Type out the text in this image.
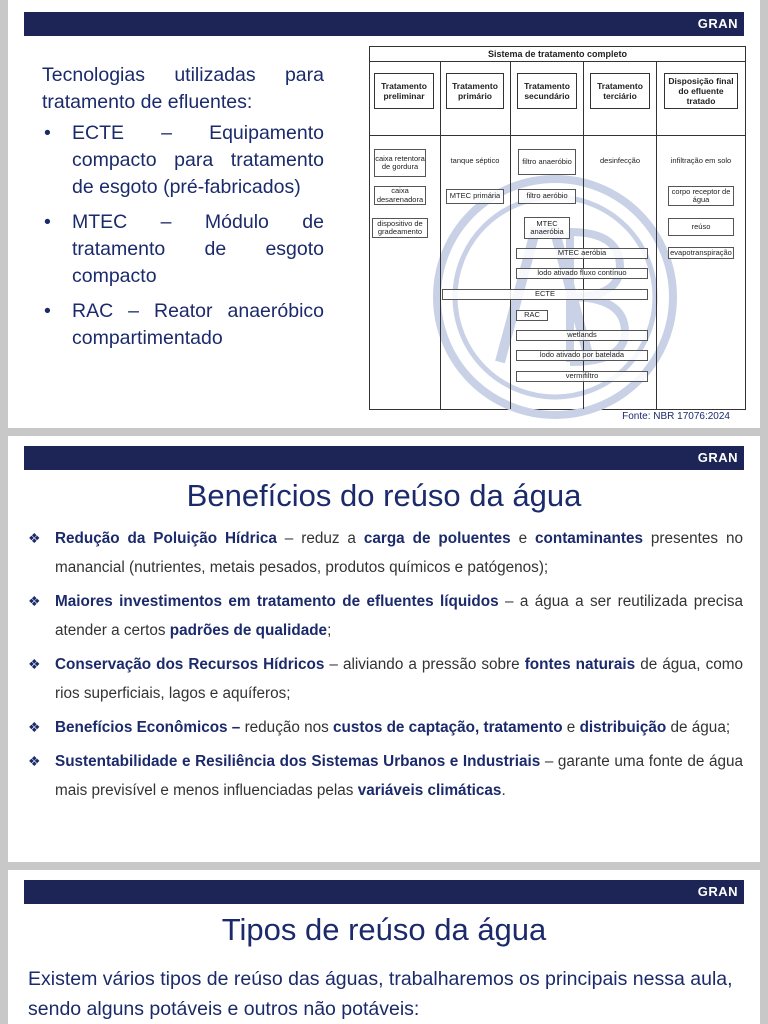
GRAN

Tecnologias utilizadas para tratamento de efluentes:

• ECTE – Equipamento compacto para tratamento de esgoto (pré-fabricados)
• MTEC – Módulo de tratamento de esgoto compacto
• RAC – Reator anaeróbico compartimentado
Sistema de tratamento completo
Tratamento preliminar
Tratamento primário
Tratamento secundário
Tratamento terciário
Disposição final do efluente tratado
caixa retentora de gordura
caixa desarenadora
dispositivo de gradeamento
tanque séptico
MTEC primária
filtro anaeróbio
filtro aeróbio
MTEC anaeróbia
MTEC aeróbia
lodo ativado fluxo contínuo
ECTE
RAC
wetlands
lodo ativado por batelada
vermifiltro
desinfecção	infiltração em solo
corpo receptor de água
reúso
evapotranspiração
Fonte: NBR 17076:2024
GRAN
Benefícios do reúso da água
❖ Redução da Poluição Hídrica – reduz a carga de poluentes e contaminantes presentes no manancial (nutrientes, metais pesados, produtos químicos e patógenos);
❖ Maiores investimentos em tratamento de efluentes líquidos – a água a ser reutilizada precisa atender a certos padrões de qualidade;
❖ Conservação dos Recursos Hídricos – aliviando a pressão sobre fontes naturais de água, como rios superficiais, lagos e aquíferos;
❖ Benefícios Econômicos – redução nos custos de captação, tratamento e distribuição de água;
❖ Sustentabilidade e Resiliência dos Sistemas Urbanos e Industriais – garante uma fonte de água mais previsível e menos influenciadas pelas variáveis climáticas.
GRAN
Tipos de reúso da água
Existem vários tipos de reúso das águas, trabalharemos os principais nessa aula, sendo alguns potáveis e outros não potáveis:
